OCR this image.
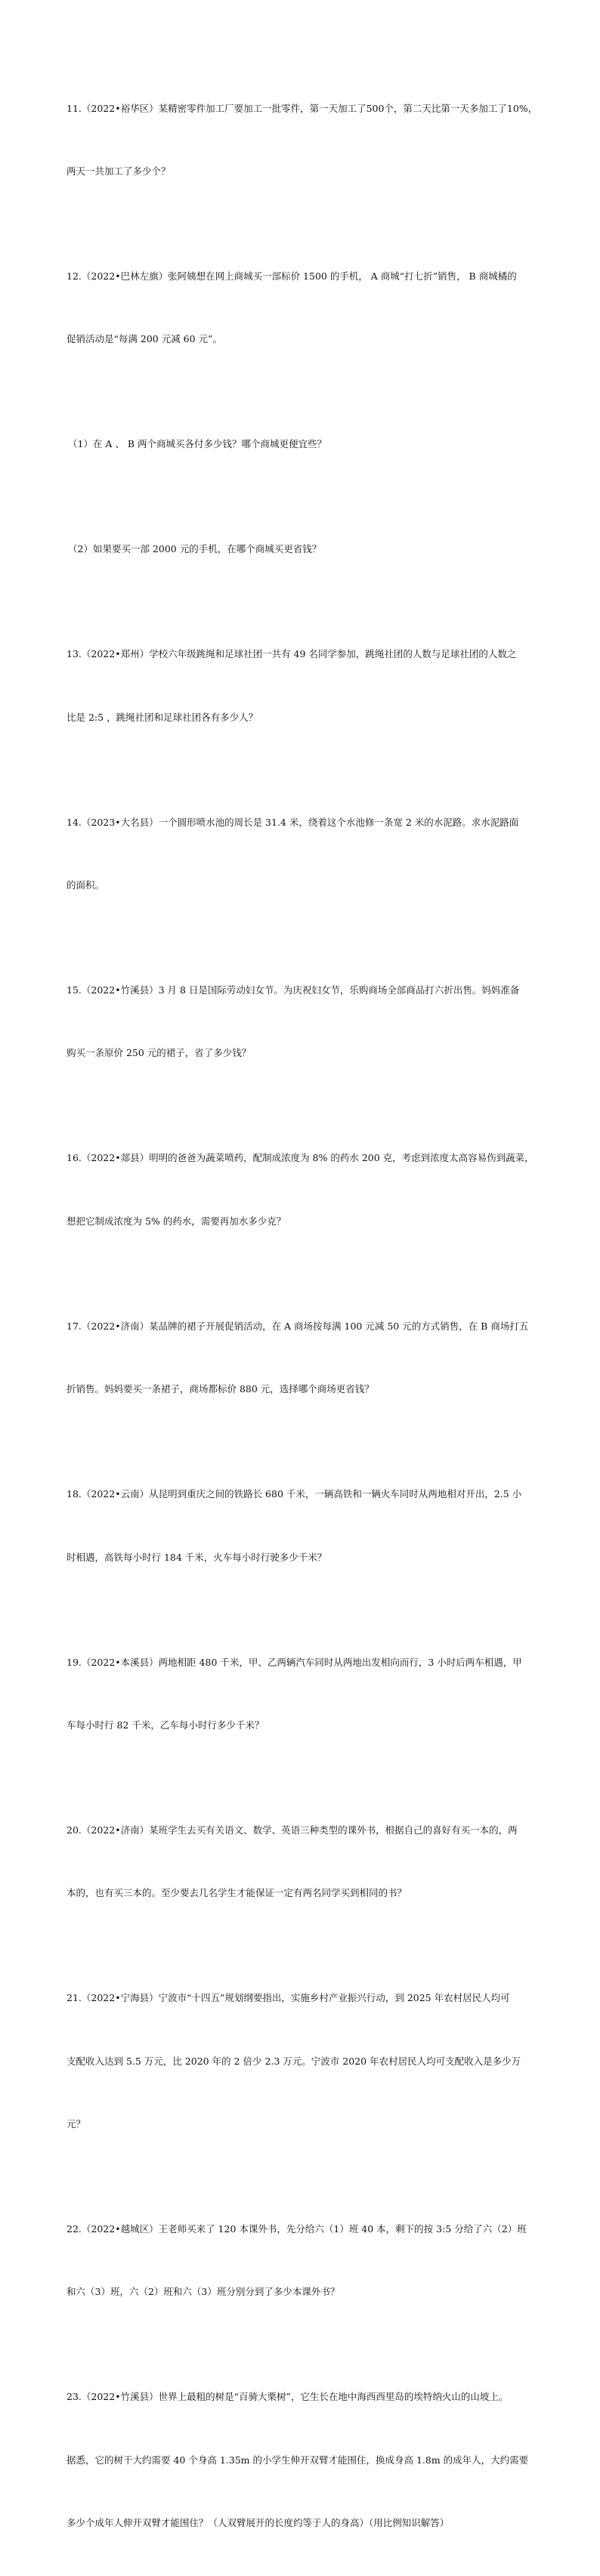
11.（2022•裕华区）某精密零件加工厂要加工一批零件，第一天加工了500个，第二天比第一天多加工了10%，

两天一共加工了多少个？

12.（2022•巴林左旗）张阿姨想在网上商城买一部标价 1500 的手机， A 商城“打七折”销售， B 商城橘的

促销活动是“每满 200 元减 60 元”。

（1）在 A 、 B 两个商城买各付多少钱？哪个商城更便宜些？

（2）如果要买一部 2000 元的手机，在哪个商城买更省钱？

13.（2022•郑州）学校六年级跳绳和足球社团一共有 49 名同学参加，跳绳社团的人数与足球社团的人数之

比是 2:5 ，跳绳社团和足球社团各有多少人？

14.（2023•大名县）一个圆形喷水池的周长是 31.4 米，绕着这个水池修一条宽 2 米的水泥路。求水泥路面

的面积。

15.（2022•竹溪县）3 月 8 日是国际劳动妇女节。为庆祝妇女节，乐购商场全部商品打六折出售。妈妈准备

购买一条原价 250 元的裙子，省了多少钱？

16.（2022•郯县）明明的爸爸为蔬菜喷药，配制成浓度为 8% 的药水 200 克，考虑到浓度太高容易伤到蔬菜，

想把它制成浓度为 5% 的药水，需要再加水多少克？

17.（2022•济南）某品牌的裙子开展促销活动，在 A 商场按每满 100 元减 50 元的方式销售，在 B 商场打五

折销售。妈妈要买一条裙子，商场都标价 880 元，选择哪个商场更省钱？

18.（2022•云南）从昆明到重庆之间的铁路长 680 千米，一辆高铁和一辆火车同时从两地相对开出，2.5 小

时相遇，高铁每小时行 184 千米，火车每小时行驶多少千米？

19.（2022•本溪县）两地相距 480 千米，甲、乙两辆汽车同时从两地出发相向而行，3 小时后两车相遇，甲

车每小时行 82 千米，乙车每小时行多少千米？

20.（2022•济南）某班学生去买有关语文、数学、英语三种类型的课外书，根据自己的喜好有买一本的，两

本的，也有买三本的。至少要去几名学生才能保证一定有两名同学买到相同的书？

21.（2022•宁海县）宁波市“十四五”规划纲要指出，实施乡村产业振兴行动，到 2025 年农村居民人均可

支配收入达到 5.5 万元，比 2020 年的 2 倍少 2.3 万元。宁波市 2020 年农村居民人均可支配收入是多少万

元？

22.（2022•越城区）王老师买来了 120 本课外书，先分给六（1）班 40 本，剩下的按 3:5 分给了六（2）班

和六（3）班，六（2）班和六（3）班分别分到了多少本课外书？

23.（2022•竹溪县）世界上最粗的树是“百骑大栗树”，它生长在地中海西西里岛的埃特纳火山的山坡上。

据悉，它的树干大约需要 40 个身高 1.35m 的小学生伸开双臂才能围住，换成身高 1.8m 的成年人，大约需要

多少个成年人伸开双臂才能围住？（人双臂展开的长度约等于人的身高）（用比例知识解答）
